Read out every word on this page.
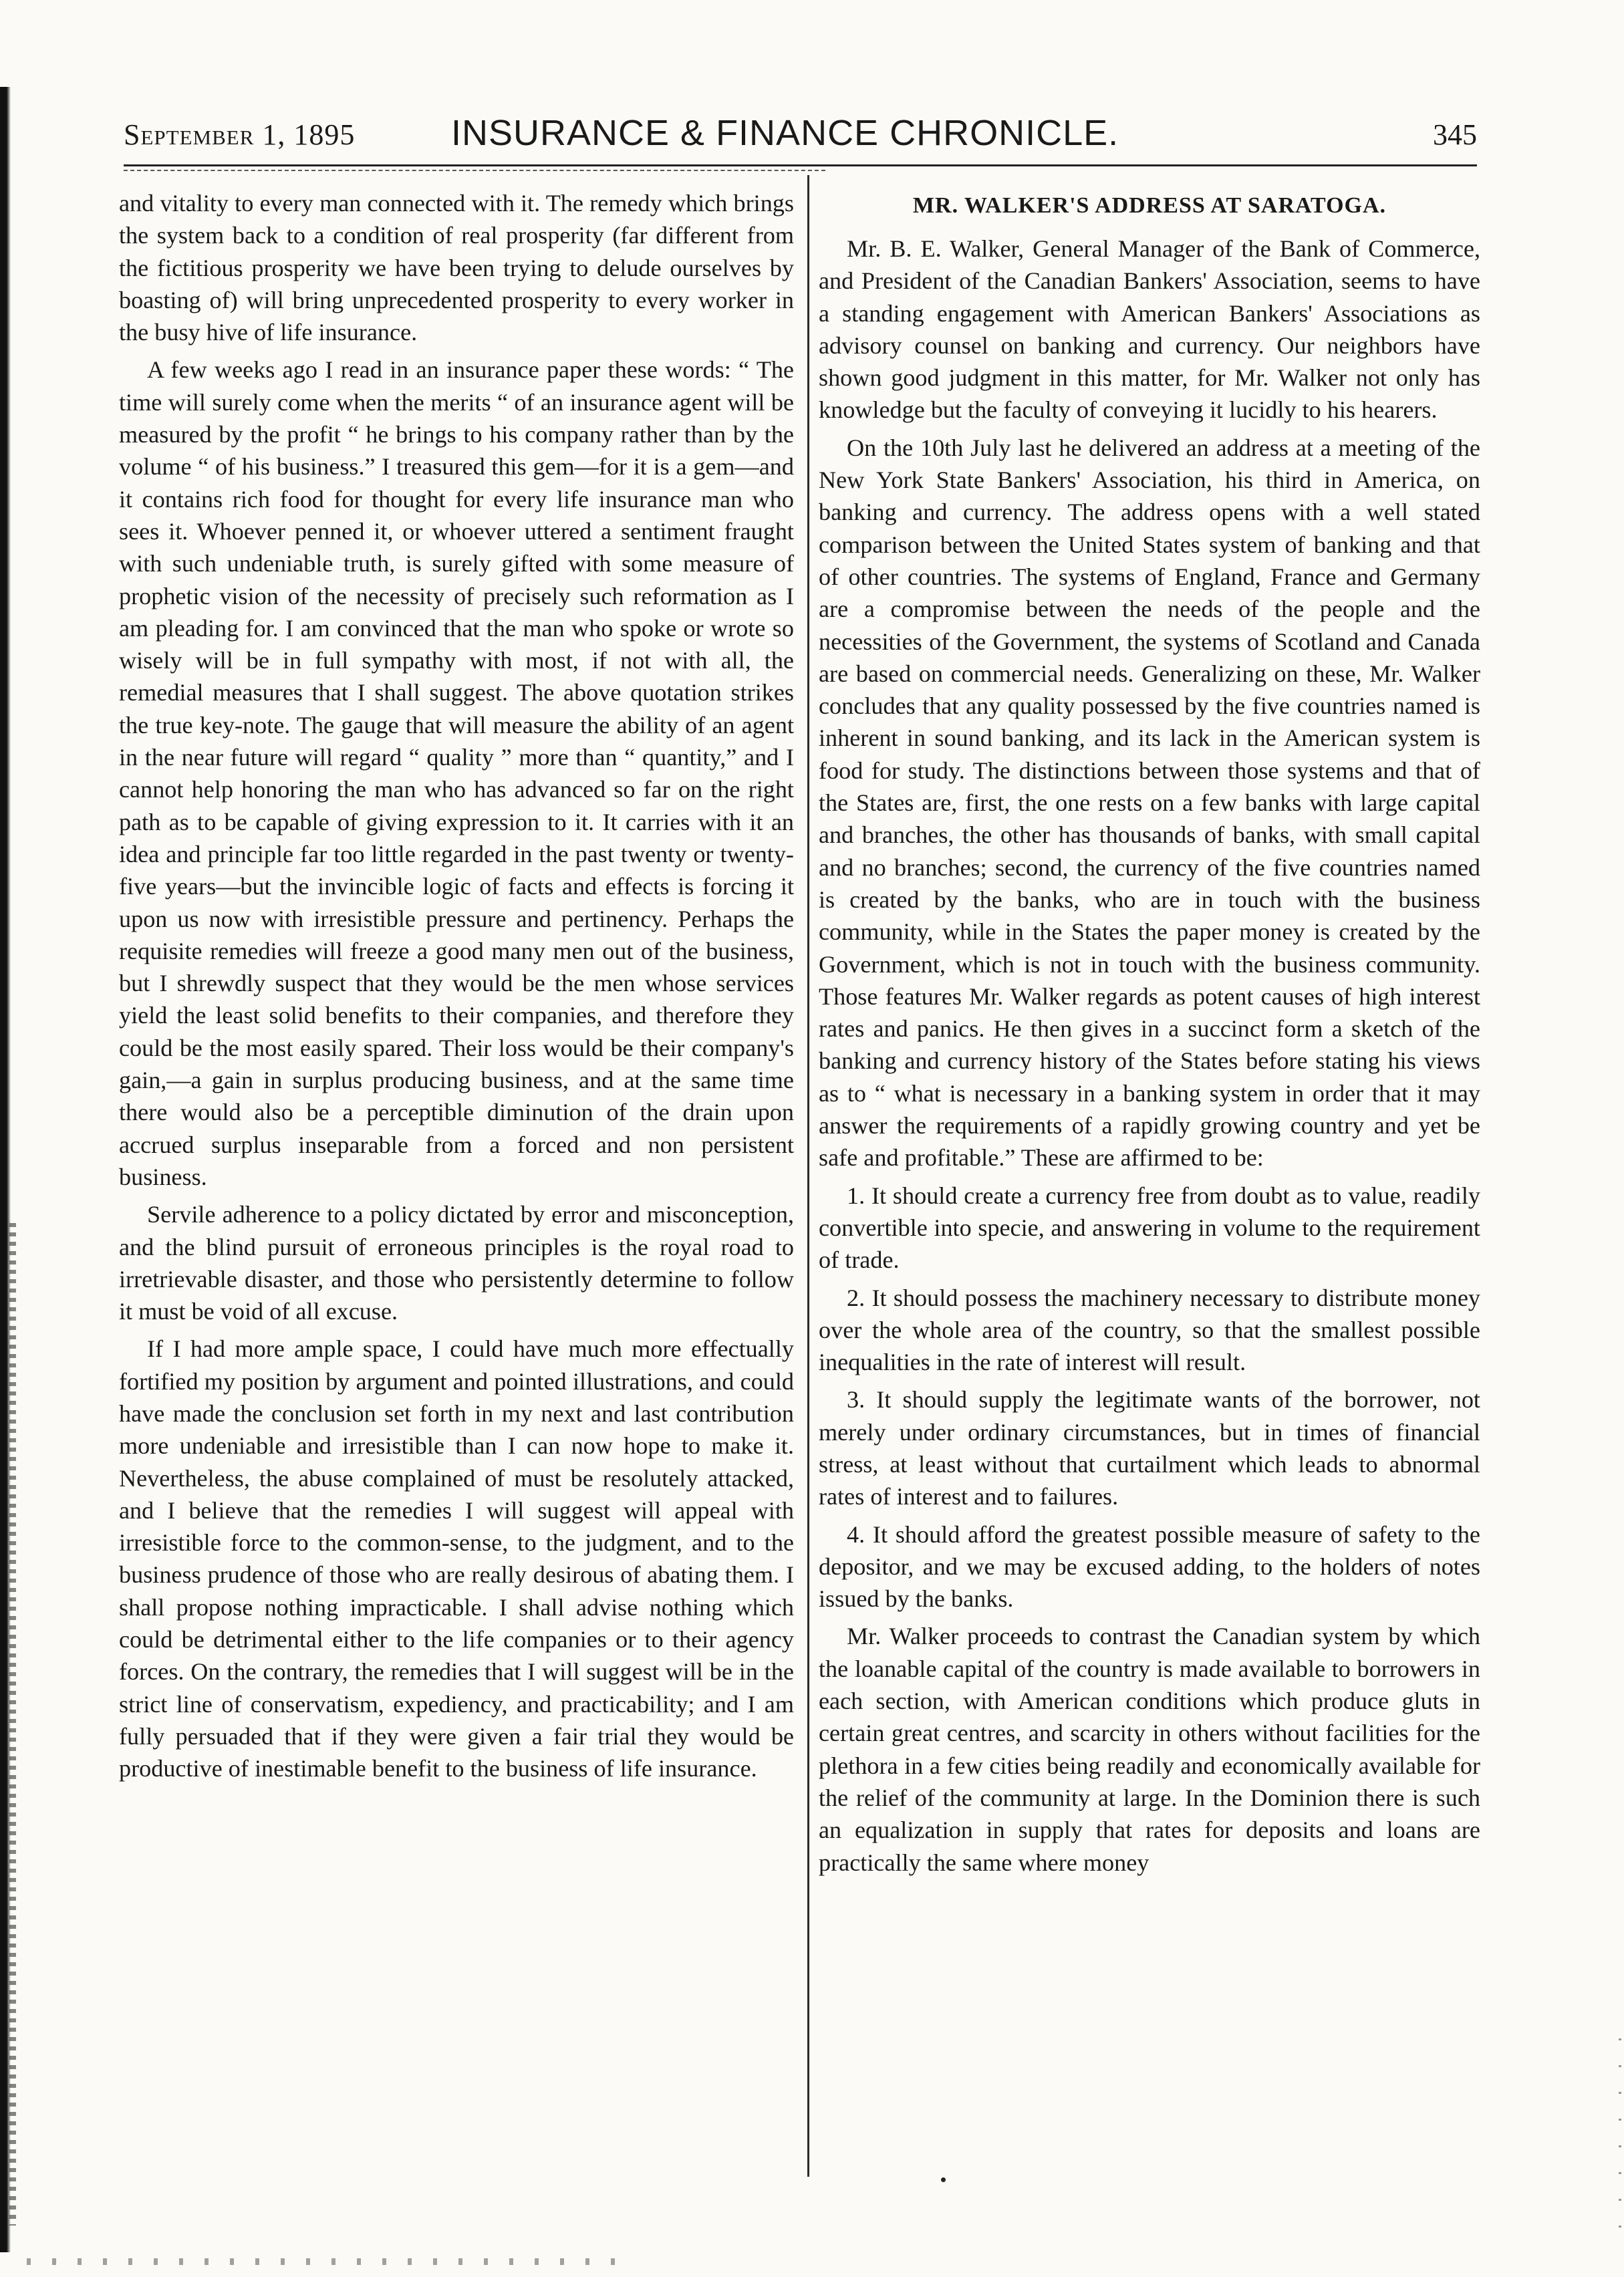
September 1, 1895	INSURANCE & FINANCE CHRONICLE.	345

and vitality to every man connected with it. The remedy which brings the system back to a condition of real prosperity (far different from the fictitious prosperity we have been trying to delude ourselves by boasting of) will bring unprecedented prosperity to every worker in the busy hive of life insurance.

A few weeks ago I read in an insurance paper these words: “ The time will surely come when the merits “ of an insurance agent will be measured by the profit “ he brings to his company rather than by the volume “ of his business.” I treasured this gem—for it is a gem—and it contains rich food for thought for every life insurance man who sees it. Whoever penned it, or whoever uttered a sentiment fraught with such undeniable truth, is surely gifted with some measure of prophetic vision of the necessity of precisely such reformation as I am pleading for. I am convinced that the man who spoke or wrote so wisely will be in full sympathy with most, if not with all, the remedial measures that I shall suggest. The above quotation strikes the true key-note. The gauge that will measure the ability of an agent in the near future will regard “ quality ” more than “ quantity,” and I cannot help honoring the man who has advanced so far on the right path as to be capable of giving expression to it. It carries with it an idea and principle far too little regarded in the past twenty or twenty-five years—but the invincible logic of facts and effects is forcing it upon us now with irresistible pressure and pertinency. Perhaps the requisite remedies will freeze a good many men out of the business, but I shrewdly suspect that they would be the men whose services yield the least solid benefits to their companies, and therefore they could be the most easily spared. Their loss would be their company's gain,—a gain in surplus producing business, and at the same time there would also be a perceptible diminution of the drain upon accrued surplus inseparable from a forced and non persistent business.

Servile adherence to a policy dictated by error and misconception, and the blind pursuit of erroneous principles is the royal road to irretrievable disaster, and those who persistently determine to follow it must be void of all excuse.

If I had more ample space, I could have much more effectually fortified my position by argument and pointed illustrations, and could have made the conclusion set forth in my next and last contribution more undeniable and irresistible than I can now hope to make it. Nevertheless, the abuse complained of must be resolutely attacked, and I believe that the remedies I will suggest will appeal with irresistible force to the common-sense, to the judgment, and to the business prudence of those who are really desirous of abating them. I shall propose nothing impracticable. I shall advise nothing which could be detrimental either to the life companies or to their agency forces. On the contrary, the remedies that I will suggest will be in the strict line of conservatism, expediency, and practicability; and I am fully persuaded that if they were given a fair trial they would be productive of inestimable benefit to the business of life insurance.

MR. WALKER'S ADDRESS AT SARATOGA.

Mr. B. E. Walker, General Manager of the Bank of Commerce, and President of the Canadian Bankers' Association, seems to have a standing engagement with American Bankers' Associations as advisory counsel on banking and currency. Our neighbors have shown good judgment in this matter, for Mr. Walker not only has knowledge but the faculty of conveying it lucidly to his hearers.

On the 10th July last he delivered an address at a meeting of the New York State Bankers' Association, his third in America, on banking and currency. The address opens with a well stated comparison between the United States system of banking and that of other countries. The systems of England, France and Germany are a compromise between the needs of the people and the necessities of the Government, the systems of Scotland and Canada are based on commercial needs. Generalizing on these, Mr. Walker concludes that any quality possessed by the five countries named is inherent in sound banking, and its lack in the American system is food for study. The distinctions between those systems and that of the States are, first, the one rests on a few banks with large capital and branches, the other has thousands of banks, with small capital and no branches; second, the currency of the five countries named is created by the banks, who are in touch with the business community, while in the States the paper money is created by the Government, which is not in touch with the business community. Those features Mr. Walker regards as potent causes of high interest rates and panics. He then gives in a succinct form a sketch of the banking and currency history of the States before stating his views as to “ what is necessary in a banking system in order that it may answer the requirements of a rapidly growing country and yet be safe and profitable.” These are affirmed to be:

1. It should create a currency free from doubt as to value, readily convertible into specie, and answering in volume to the requirement of trade.

2. It should possess the machinery necessary to distribute money over the whole area of the country, so that the smallest possible inequalities in the rate of interest will result.

3. It should supply the legitimate wants of the borrower, not merely under ordinary circumstances, but in times of financial stress, at least without that curtailment which leads to abnormal rates of interest and to failures.

4. It should afford the greatest possible measure of safety to the depositor, and we may be excused adding, to the holders of notes issued by the banks.

Mr. Walker proceeds to contrast the Canadian system by which the loanable capital of the country is made available to borrowers in each section, with American conditions which produce gluts in certain great centres, and scarcity in others without facilities for the plethora in a few cities being readily and economically available for the relief of the community at large. In the Dominion there is such an equalization in supply that rates for deposits and loans are practically the same where money
